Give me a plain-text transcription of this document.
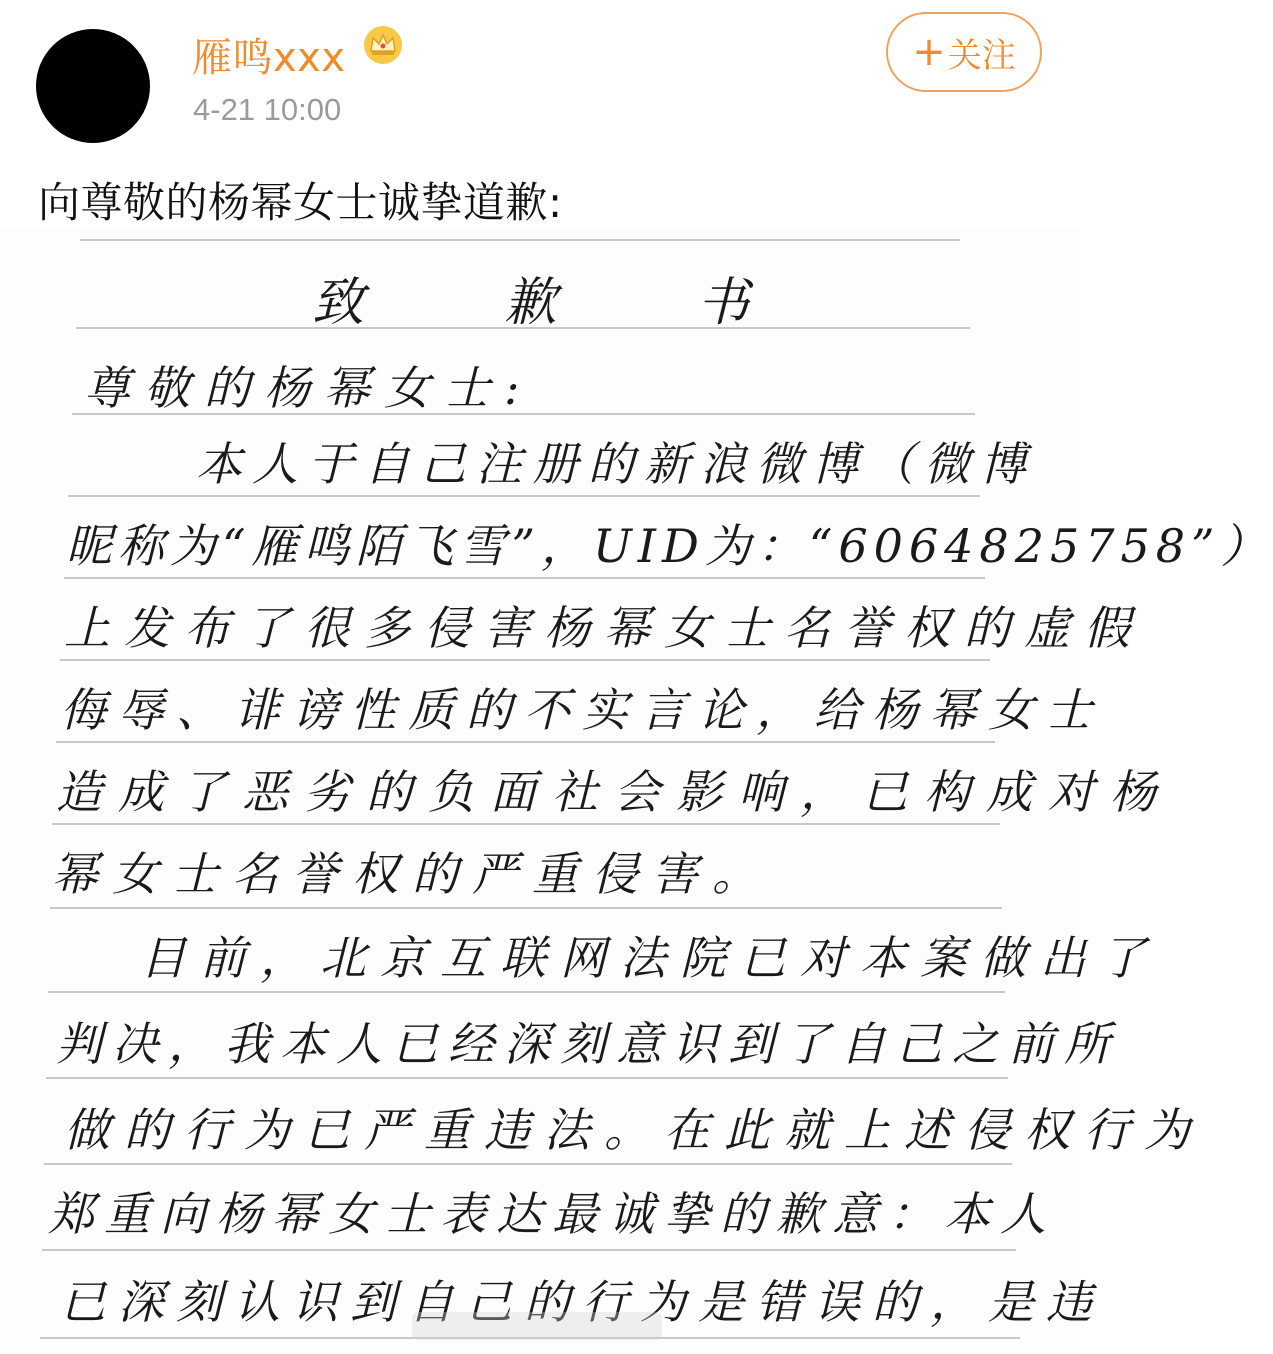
雁鸣xxx
4-21 10:00
+ 关注
向尊敬的杨幂女士诚挚道歉:
致 歉 书
尊敬的杨幂女士:
本人于自己注册的新浪微博（微博
昵称为“雁鸣陌飞雪”，UID为：“6064825758”）
上发布了很多侵害杨幂女士名誉权的虚假
侮辱、诽谤性质的不实言论，给杨幂女士
造成了恶劣的负面社会影响，已构成对杨
幂女士名誉权的严重侵害。
目前，北京互联网法院已对本案做出了
判决，我本人已经深刻意识到了自己之前所
做的行为已严重违法。在此就上述侵权行为
郑重向杨幂女士表达最诚挚的歉意：本人
已深刻认识到自己的行为是错误的，是违
